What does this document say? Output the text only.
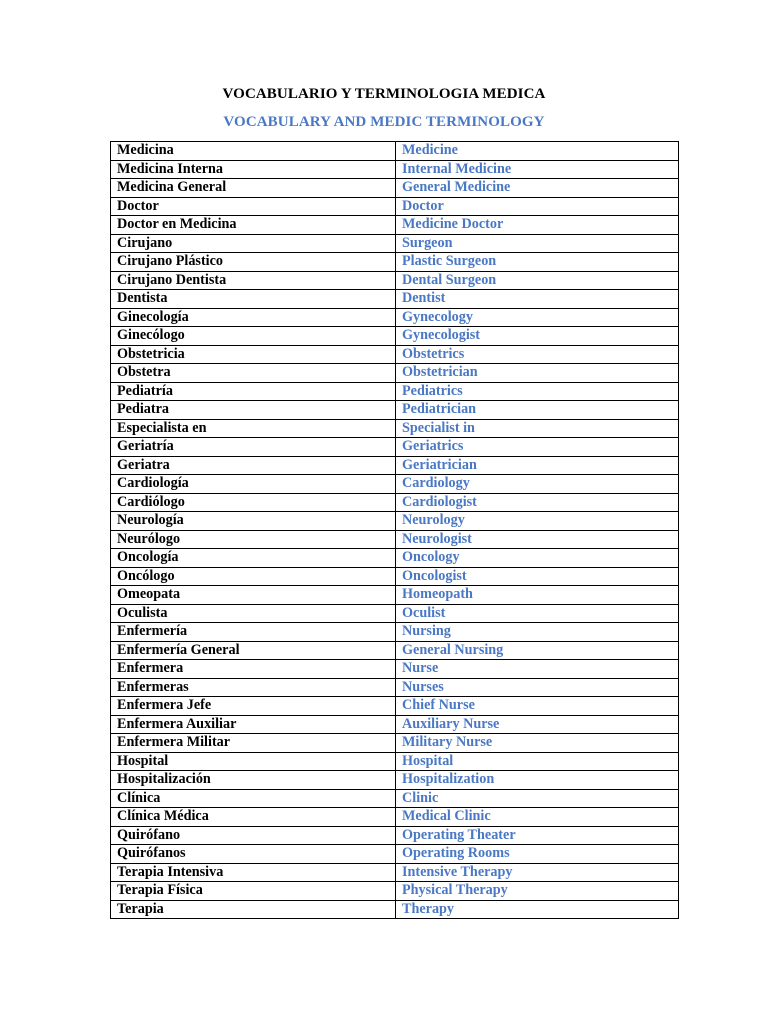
VOCABULARIO Y TERMINOLOGIA MEDICA
VOCABULARY AND MEDIC TERMINOLOGY
Medicina	Medicine
Medicina Interna	Internal Medicine
Medicina General	General Medicine
Doctor	Doctor
Doctor en Medicina	Medicine Doctor
Cirujano	Surgeon
Cirujano Plástico	Plastic Surgeon
Cirujano Dentista	Dental Surgeon
Dentista	Dentist
Ginecología	Gynecology
Ginecólogo	Gynecologist
Obstetricia	Obstetrics
Obstetra	Obstetrician
Pediatría	Pediatrics
Pediatra	Pediatrician
Especialista en	Specialist in
Geriatría	Geriatrics
Geriatra	Geriatrician
Cardiología	Cardiology
Cardiólogo	Cardiologist
Neurología	Neurology
Neurólogo	Neurologist
Oncología	Oncology
Oncólogo	Oncologist
Omeopata	Homeopath
Oculista	Oculist
Enfermería	Nursing
Enfermería General	General Nursing
Enfermera	Nurse
Enfermeras	Nurses
Enfermera Jefe	Chief Nurse
Enfermera Auxiliar	Auxiliary Nurse
Enfermera Militar	Military Nurse
Hospital	Hospital
Hospitalización	Hospitalization
Clínica	Clinic
Clínica Médica	Medical Clinic
Quirófano	Operating Theater
Quirófanos	Operating Rooms
Terapia Intensiva	Intensive Therapy
Terapia Física	Physical Therapy
Terapia	Therapy
